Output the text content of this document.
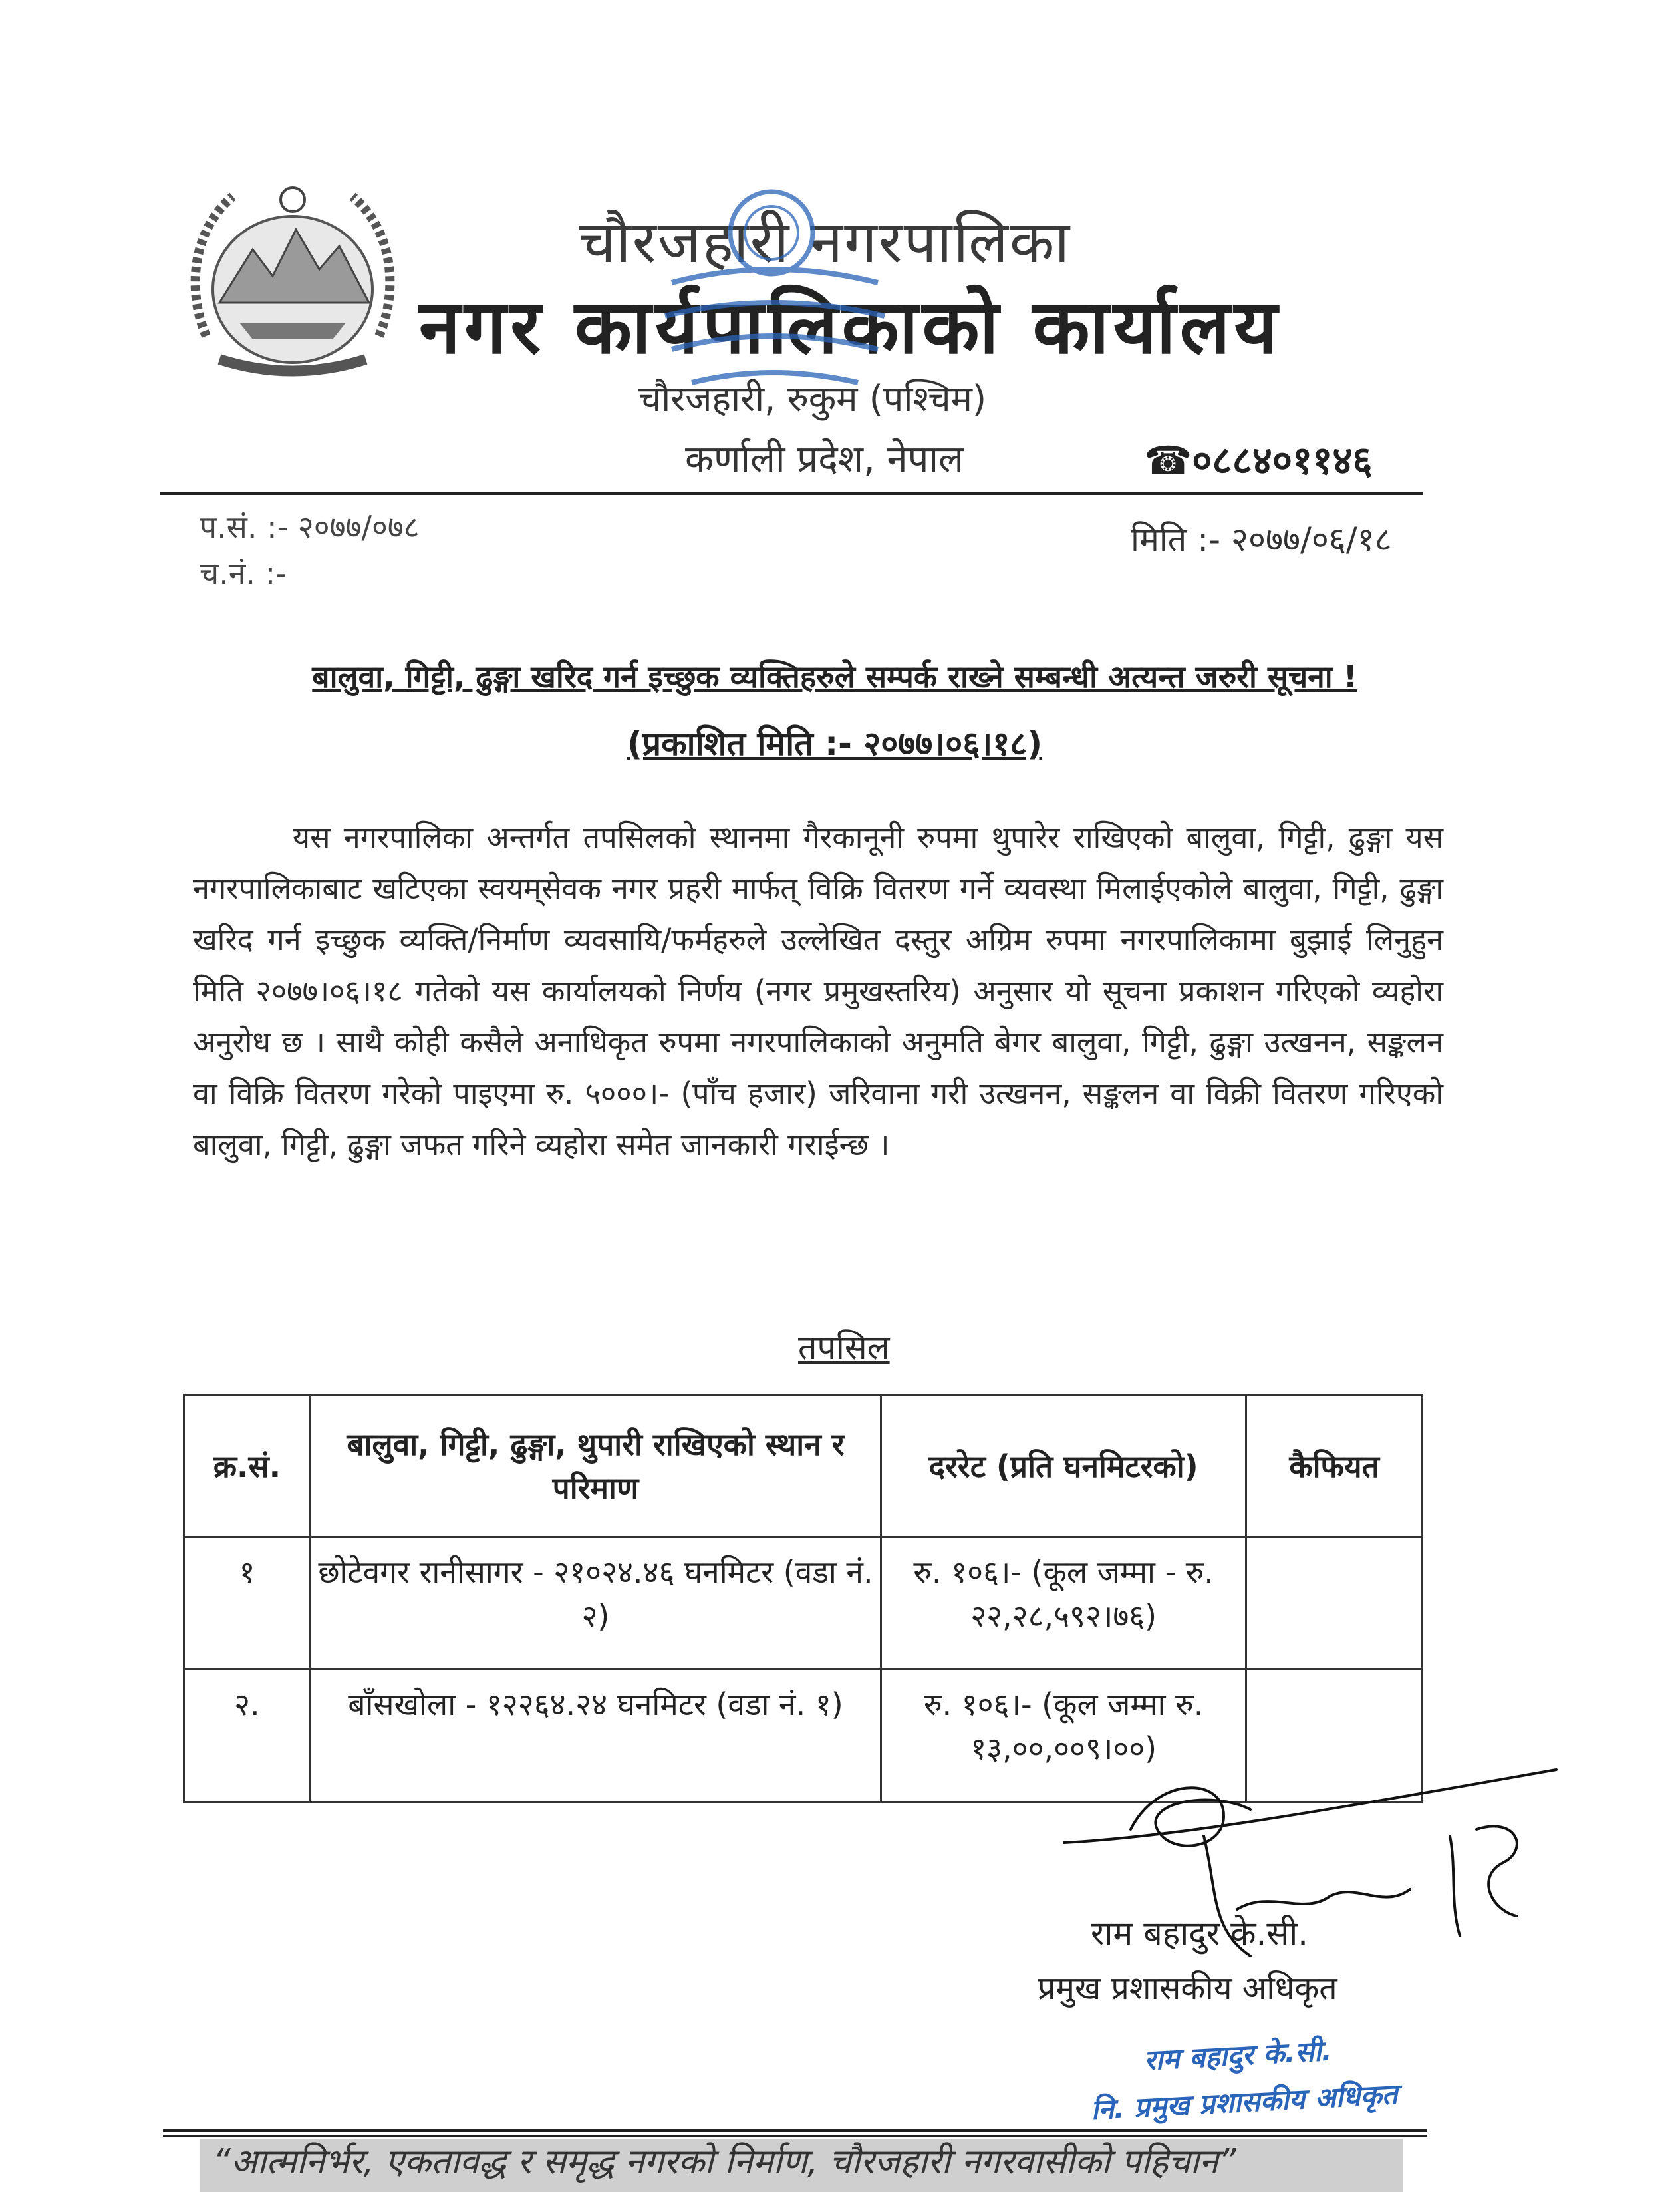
चौरजहारी नगरपालिका
नगर कार्यपालिकाको कार्यालय
चौरजहारी, रुकुम (पश्चिम)
कर्णाली प्रदेश, नेपाल	☎०८८४०११४६
प.सं. :- २०७७/०७८
च.नं. :-
मिति :- २०७७/०६/१८
बालुवा, गिट्टी, ढुङ्गा खरिद गर्न इच्छुक व्यक्तिहरुले सम्पर्क राख्ने सम्बन्धी अत्यन्त जरुरी सूचना !
(प्रकाशित मिति :- २०७७।०६।१८)
यस नगरपालिका अन्तर्गत तपसिलको स्थानमा गैरकानूनी रुपमा थुपारेर राखिएको बालुवा, गिट्टी, ढुङ्गा यस नगरपालिकाबाट खटिएका स्वयम्‌सेवक नगर प्रहरी मार्फत् विक्रि वितरण गर्ने व्यवस्था मिलाईएकोले बालुवा, गिट्टी, ढुङ्गा खरिद गर्न इच्छुक व्यक्ति/निर्माण व्यवसायि/फर्महरुले उल्लेखित दस्तुर अग्रिम रुपमा नगरपालिकामा बुझाई लिनुहुन मिति २०७७।०६।१८ गतेको यस कार्यालयको निर्णय (नगर प्रमुखस्तरिय) अनुसार यो सूचना प्रकाशन गरिएको व्यहोरा अनुरोध छ । साथै कोही कसैले अनाधिकृत रुपमा नगरपालिकाको अनुमति बेगर बालुवा, गिट्टी, ढुङ्गा उत्खनन, सङ्कलन वा विक्रि वितरण गरेको पाइएमा रु. ५०००।- (पाँच हजार) जरिवाना गरी उत्खनन, सङ्कलन वा विक्री वितरण गरिएको बालुवा, गिट्टी, ढुङ्गा जफत गरिने व्यहोरा समेत जानकारी गराईन्छ ।
तपसिल
क्र.सं.	बालुवा, गिट्टी, ढुङ्गा, थुपारी राखिएको स्थान र परिमाण	दररेट (प्रति घनमिटरको)	कैफियत
१	छोटेवगर रानीसागर - २१०२४.४६ घनमिटर (वडा नं. २)	रु. १०६।- (कूल जम्मा - रु. २२,२८,५९२।७६)	
२.	बाँसखोला - १२२६४.२४ घनमिटर (वडा नं. १)	रु. १०६।- (कूल जम्मा रु. १३,००,००९।००)	
राम बहादुर के.सी.
प्रमुख प्रशासकीय अधिकृत
राम बहादुर के.सी.
नि. प्रमुख प्रशासकीय अधिकृत
“आत्मनिर्भर, एकतावद्ध र समृद्ध नगरको निर्माण, चौरजहारी नगरवासीको पहिचान”
